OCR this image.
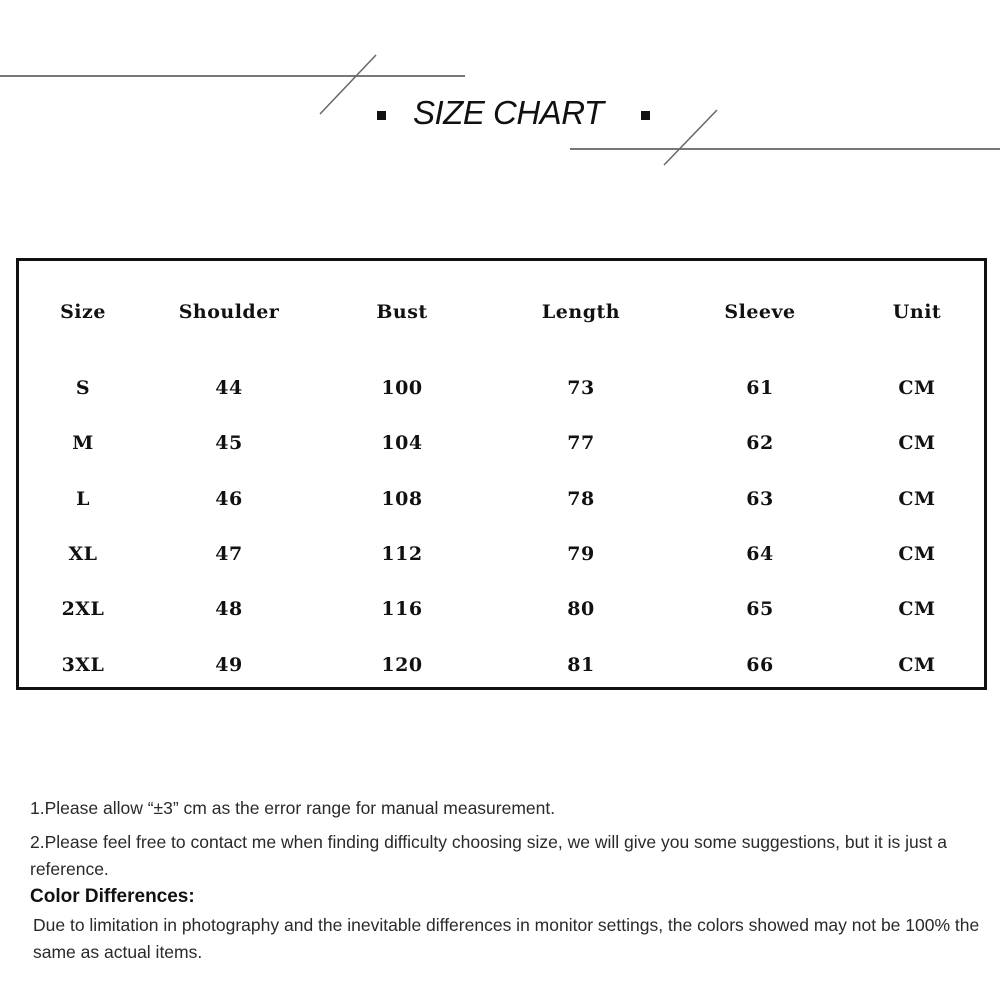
SIZE CHART
Size	Shoulder	Bust	Length	Sleeve	Unit
S	44	100	73	61	CM
M	45	104	77	62	CM
L	46	108	78	63	CM
XL	47	112	79	64	CM
2XL	48	116	80	65	CM
3XL	49	120	81	66	CM
1.Please allow “±3” cm as the error range for manual measurement.
2.Please feel free to contact me when finding difficulty choosing size, we will give you some suggestions, but it is just a reference.
Color Differences:
Due to limitation in photography and the inevitable differences in monitor settings, the colors showed may not be 100% the same as actual items.
